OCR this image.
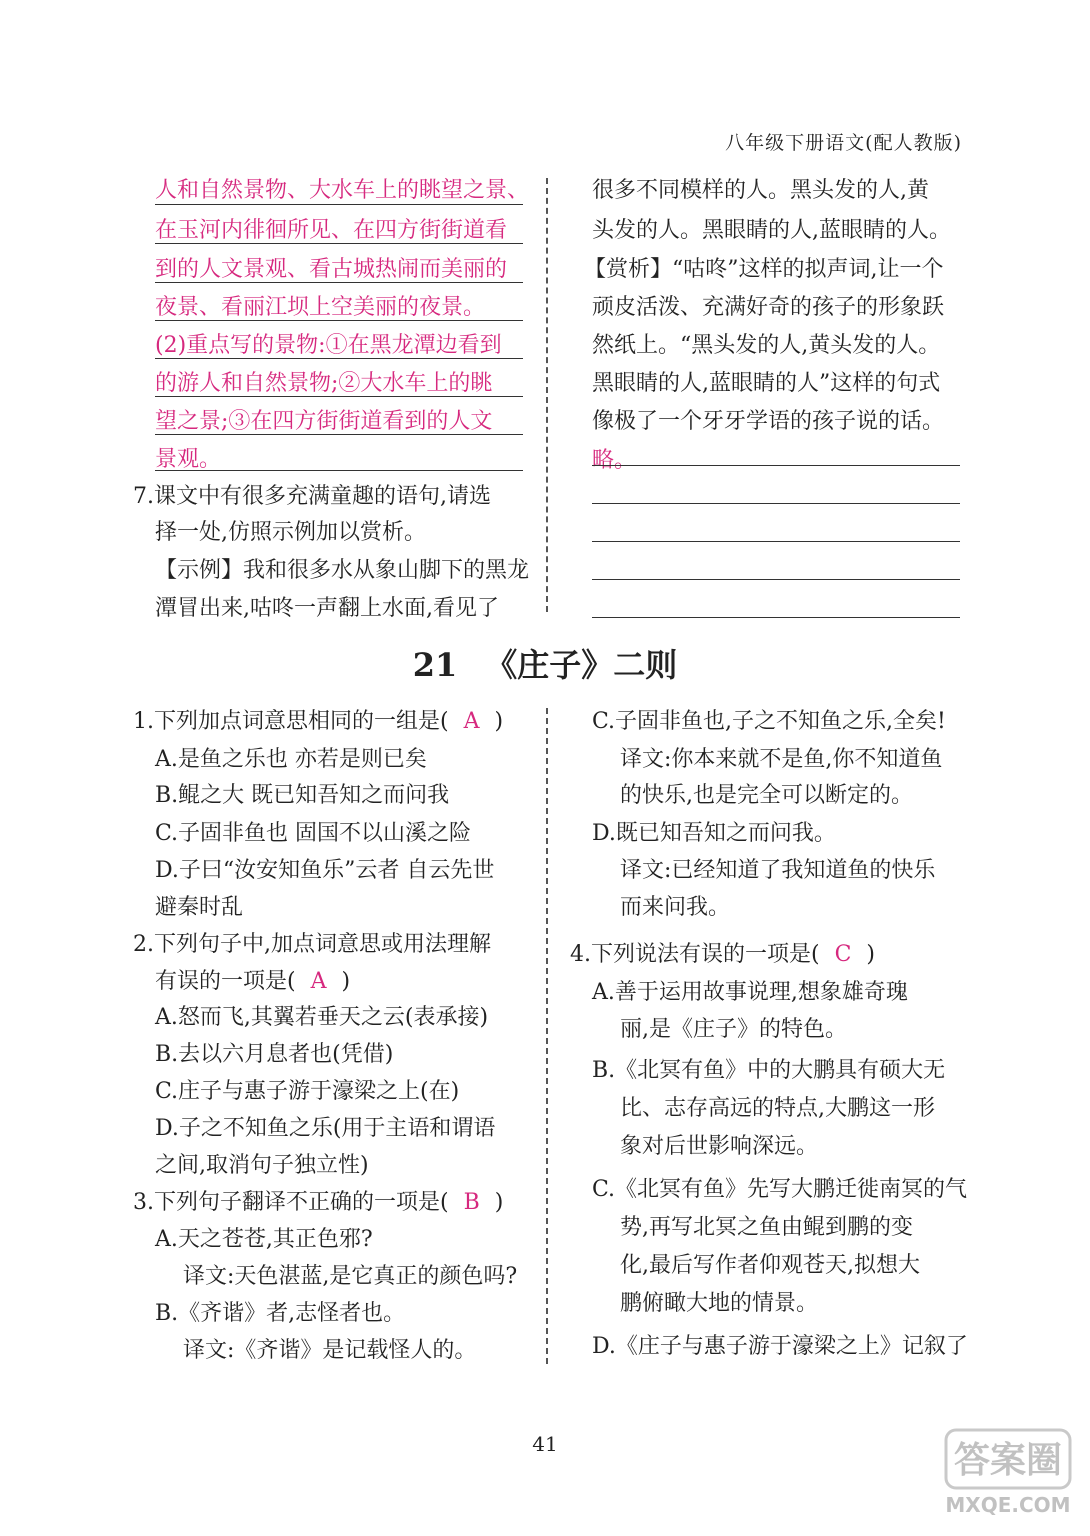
八年级下册语文(配人教版)
人和自然景物、大水车上的眺望之景、
在玉河内徘徊所见、在四方街街道看
到的人文景观、看古城热闹而美丽的
夜景、看丽江坝上空美丽的夜景。
(2)重点写的景物:①在黑龙潭边看到
的游人和自然景物;②大水车上的眺
望之景;③在四方街街道看到的人文
景观。
7.课文中有很多充满童趣的语句,请选
择一处,仿照示例加以赏析。
【示例】我和很多水从象山脚下的黑龙
潭冒出来,咕咚一声翻上水面,看见了
很多不同模样的人。黑头发的人,黄
头发的人。黑眼睛的人,蓝眼睛的人。
【赏析】“咕咚”这样的拟声词,让一个
顽皮活泼、充满好奇的孩子的形象跃
然纸上。“黑头发的人,黄头发的人。
黑眼睛的人,蓝眼睛的人”这样的句式
像极了一个牙牙学语的孩子说的话。
略。
21 《庄子》二则
1.下列加点词意思相同的一组是( A )
A.是鱼之乐也 亦若是则已矣
B.鲲之大 既已知吾知之而问我
C.子固非鱼也 固国不以山溪之险
D.子曰“汝安知鱼乐”云者 自云先世
避秦时乱
2.下列句子中,加点词意思或用法理解
有误的一项是( A )
A.怒而飞,其翼若垂天之云(表承接)
B.去以六月息者也(凭借)
C.庄子与惠子游于濠梁之上(在)
D.子之不知鱼之乐(用于主语和谓语
之间,取消句子独立性)
3.下列句子翻译不正确的一项是( B )
A.天之苍苍,其正色邪?
译文:天色湛蓝,是它真正的颜色吗?
B.《齐谐》者,志怪者也。
译文:《齐谐》是记载怪人的。
C.子固非鱼也,子之不知鱼之乐,全矣!
译文:你本来就不是鱼,你不知道鱼
的快乐,也是完全可以断定的。
D.既已知吾知之而问我。
译文:已经知道了我知道鱼的快乐
而来问我。
4.下列说法有误的一项是( C )
A.善于运用故事说理,想象雄奇瑰
丽,是《庄子》的特色。
B.《北冥有鱼》中的大鹏具有硕大无
比、志存高远的特点,大鹏这一形
象对后世影响深远。
C.《北冥有鱼》先写大鹏迁徙南冥的气
势,再写北冥之鱼由鲲到鹏的变
化,最后写作者仰观苍天,拟想大
鹏俯瞰大地的情景。
D.《庄子与惠子游于濠梁之上》记叙了
41	答案圈
MXQE.COM
